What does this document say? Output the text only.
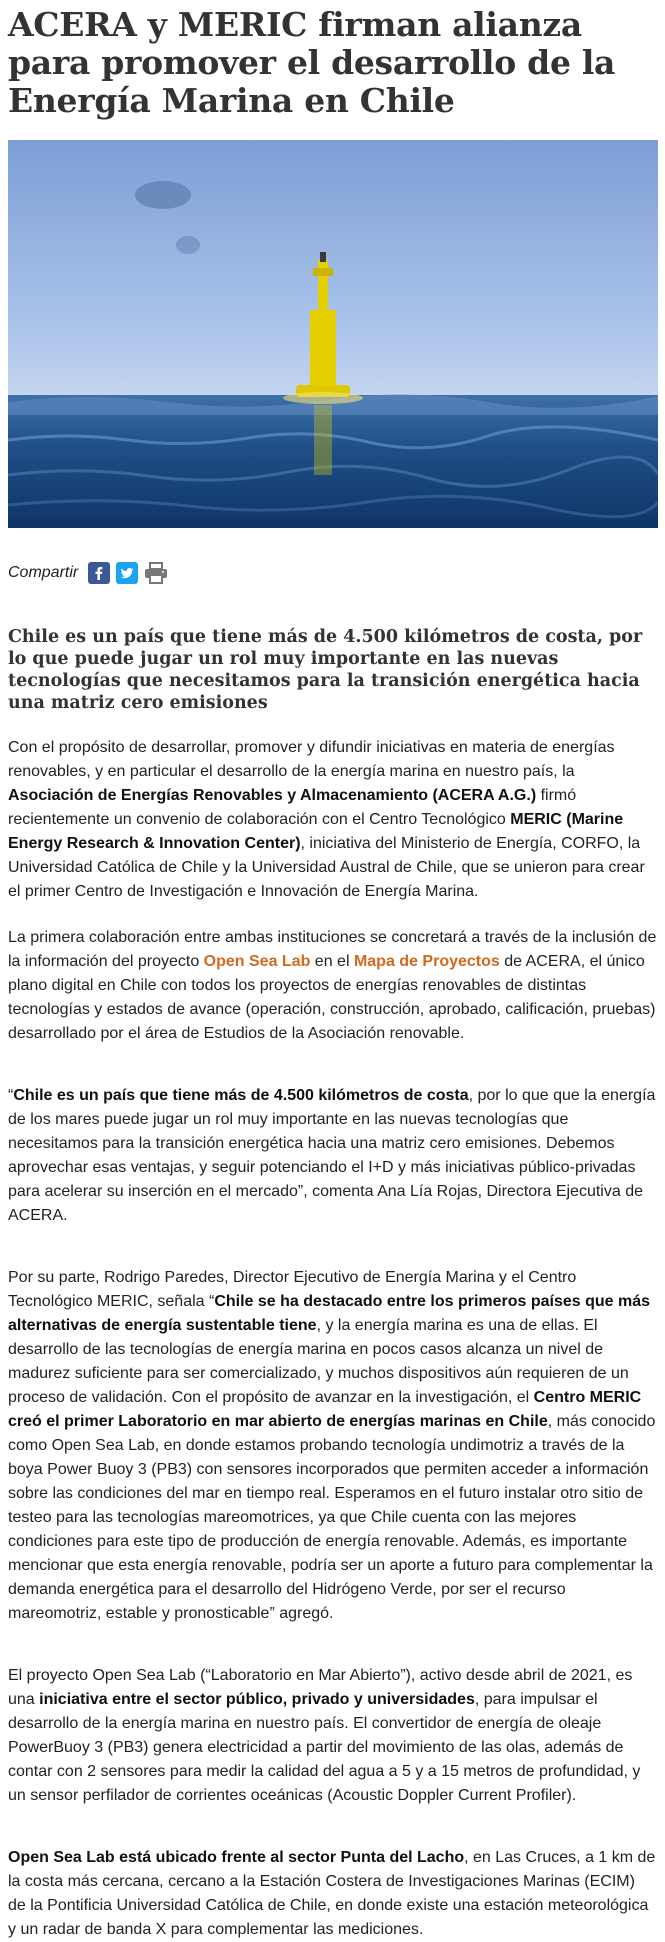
ACERA y MERIC firman alianza para promover el desarrollo de la Energía Marina en Chile
Compartir
Chile es un país que tiene más de 4.500 kilómetros de costa, por lo que puede jugar un rol muy importante en las nuevas tecnologías que necesitamos para la transición energética hacia una matriz cero emisiones

Con el propósito de desarrollar, promover y difundir iniciativas en materia de energías renovables, y en particular el desarrollo de la energía marina en nuestro país, la Asociación de Energías Renovables y Almacenamiento (ACERA A.G.) firmó recientemente un convenio de colaboración con el Centro Tecnológico MERIC (Marine Energy Research & Innovation Center), iniciativa del Ministerio de Energía, CORFO, la Universidad Católica de Chile y la Universidad Austral de Chile, que se unieron para crear el primer Centro de Investigación e Innovación de Energía Marina.

La primera colaboración entre ambas instituciones se concretará a través de la inclusión de la información del proyecto Open Sea Lab en el Mapa de Proyectos de ACERA, el único plano digital en Chile con todos los proyectos de energías renovables de distintas tecnologías y estados de avance (operación, construcción, aprobado, calificación, pruebas) desarrollado por el área de Estudios de la Asociación renovable.

“Chile es un país que tiene más de 4.500 kilómetros de costa, por lo que que la energía de los mares puede jugar un rol muy importante en las nuevas tecnologías que necesitamos para la transición energética hacia una matriz cero emisiones. Debemos aprovechar esas ventajas, y seguir potenciando el I+D y más iniciativas público-privadas para acelerar su inserción en el mercado”, comenta Ana Lía Rojas, Directora Ejecutiva de ACERA.

Por su parte, Rodrigo Paredes, Director Ejecutivo de Energía Marina y el Centro Tecnológico MERIC, señala “Chile se ha destacado entre los primeros países que más alternativas de energía sustentable tiene, y la energía marina es una de ellas. El desarrollo de las tecnologías de energía marina en pocos casos alcanza un nivel de madurez suficiente para ser comercializado, y muchos dispositivos aún requieren de un proceso de validación. Con el propósito de avanzar en la investigación, el Centro MERIC creó el primer Laboratorio en mar abierto de energías marinas en Chile, más conocido como Open Sea Lab, en donde estamos probando tecnología undimotriz a través de la boya Power Buoy 3 (PB3) con sensores incorporados que permiten acceder a información sobre las condiciones del mar en tiempo real. Esperamos en el futuro instalar otro sitio de testeo para las tecnologías mareomotrices, ya que Chile cuenta con las mejores condiciones para este tipo de producción de energía renovable. Además, es importante mencionar que esta energía renovable, podría ser un aporte a futuro para complementar la demanda energética para el desarrollo del Hidrógeno Verde, por ser el recurso mareomotriz, estable y pronosticable” agregó.

El proyecto Open Sea Lab (“Laboratorio en Mar Abierto”), activo desde abril de 2021, es una iniciativa entre el sector público, privado y universidades, para impulsar el desarrollo de la energía marina en nuestro país. El convertidor de energía de oleaje PowerBuoy 3 (PB3) genera electricidad a partir del movimiento de las olas, además de contar con 2 sensores para medir la calidad del agua a 5 y a 15 metros de profundidad, y un sensor perfilador de corrientes oceánicas (Acoustic Doppler Current Profiler).

Open Sea Lab está ubicado frente al sector Punta del Lacho, en Las Cruces, a 1 km de la costa más cercana, cercano a la Estación Costera de Investigaciones Marinas (ECIM) de la Pontificia Universidad Católica de Chile, en donde existe una estación meteorológica y un radar de banda X para complementar las mediciones.
